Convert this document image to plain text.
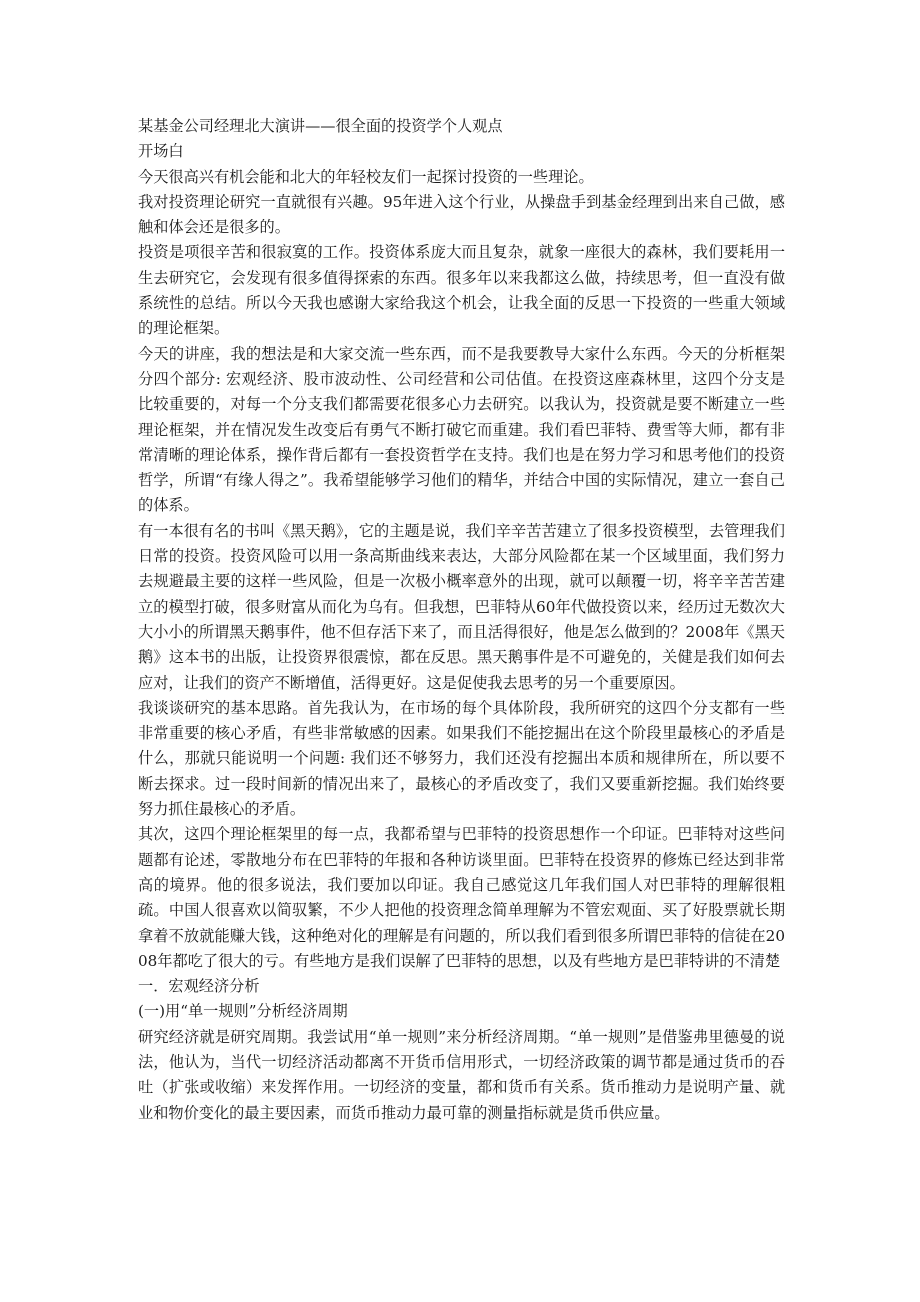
某基金公司经理北大演讲——很全面的投资学个人观点

开场白

今天很高兴有机会能和北大的年轻校友们一起探讨投资的一些理论。

我对投资理论研究一直就很有兴趣。95年进入这个行业，从操盘手到基金经理到出来自己做，感触和体会还是很多的。

投资是项很辛苦和很寂寞的工作。投资体系庞大而且复杂，就象一座很大的森林，我们要耗用一生去研究它，会发现有很多值得探索的东西。很多年以来我都这么做，持续思考，但一直没有做系统性的总结。所以今天我也感谢大家给我这个机会，让我全面的反思一下投资的一些重大领域的理论框架。

今天的讲座，我的想法是和大家交流一些东西，而不是我要教导大家什么东西。今天的分析框架分四个部分: 宏观经济、股市波动性、公司经营和公司估值。在投资这座森林里，这四个分支是比较重要的，对每一个分支我们都需要花很多心力去研究。以我认为，投资就是要不断建立一些理论框架，并在情况发生改变后有勇气不断打破它而重建。我们看巴菲特、费雪等大师，都有非常清晰的理论体系，操作背后都有一套投资哲学在支持。我们也是在努力学习和思考他们的投资哲学，所谓“有缘人得之”。我希望能够学习他们的精华，并结合中国的实际情况，建立一套自己的体系。

有一本很有名的书叫《黑天鹅》，它的主题是说，我们辛辛苦苦建立了很多投资模型，去管理我们日常的投资。投资风险可以用一条高斯曲线来表达，大部分风险都在某一个区域里面，我们努力去规避最主要的这样一些风险，但是一次极小概率意外的出现，就可以颠覆一切，将辛辛苦苦建立的模型打破，很多财富从而化为乌有。但我想，巴菲特从60年代做投资以来，经历过无数次大大小小的所谓黑天鹅事件，他不但存活下来了，而且活得很好，他是怎么做到的？2008年《黑天鹅》这本书的出版，让投资界很震惊，都在反思。黑天鹅事件是不可避免的，关健是我们如何去应对，让我们的资产不断增值，活得更好。这是促使我去思考的另一个重要原因。

我谈谈研究的基本思路。首先我认为，在市场的每个具体阶段，我所研究的这四个分支都有一些非常重要的核心矛盾，有些非常敏感的因素。如果我们不能挖掘出在这个阶段里最核心的矛盾是什么，那就只能说明一个问题: 我们还不够努力，我们还没有挖掘出本质和规律所在，所以要不断去探求。过一段时间新的情况出来了，最核心的矛盾改变了，我们又要重新挖掘。我们始终要努力抓住最核心的矛盾。

其次，这四个理论框架里的每一点，我都希望与巴菲特的投资思想作一个印证。巴菲特对这些问题都有论述，零散地分布在巴菲特的年报和各种访谈里面。巴菲特在投资界的修炼已经达到非常高的境界。他的很多说法，我们要加以印证。我自己感觉这几年我们国人对巴菲特的理解很粗疏。中国人很喜欢以简驭繁，不少人把他的投资理念简单理解为不管宏观面、买了好股票就长期拿着不放就能赚大钱，这种绝对化的理解是有问题的，所以我们看到很多所谓巴菲特的信徒在2008年都吃了很大的亏。有些地方是我们误解了巴菲特的思想，以及有些地方是巴菲特讲的不清楚

一．宏观经济分析

(一)用“单一规则”分析经济周期

研究经济就是研究周期。我尝试用“单一规则”来分析经济周期。“单一规则”是借鉴弗里德曼的说法，他认为，当代一切经济活动都离不开货币信用形式，一切经济政策的调节都是通过货币的吞吐（扩张或收缩）来发挥作用。一切经济的变量，都和货币有关系。货币推动力是说明产量、就业和物价变化的最主要因素，而货币推动力最可靠的测量指标就是货币供应量。
